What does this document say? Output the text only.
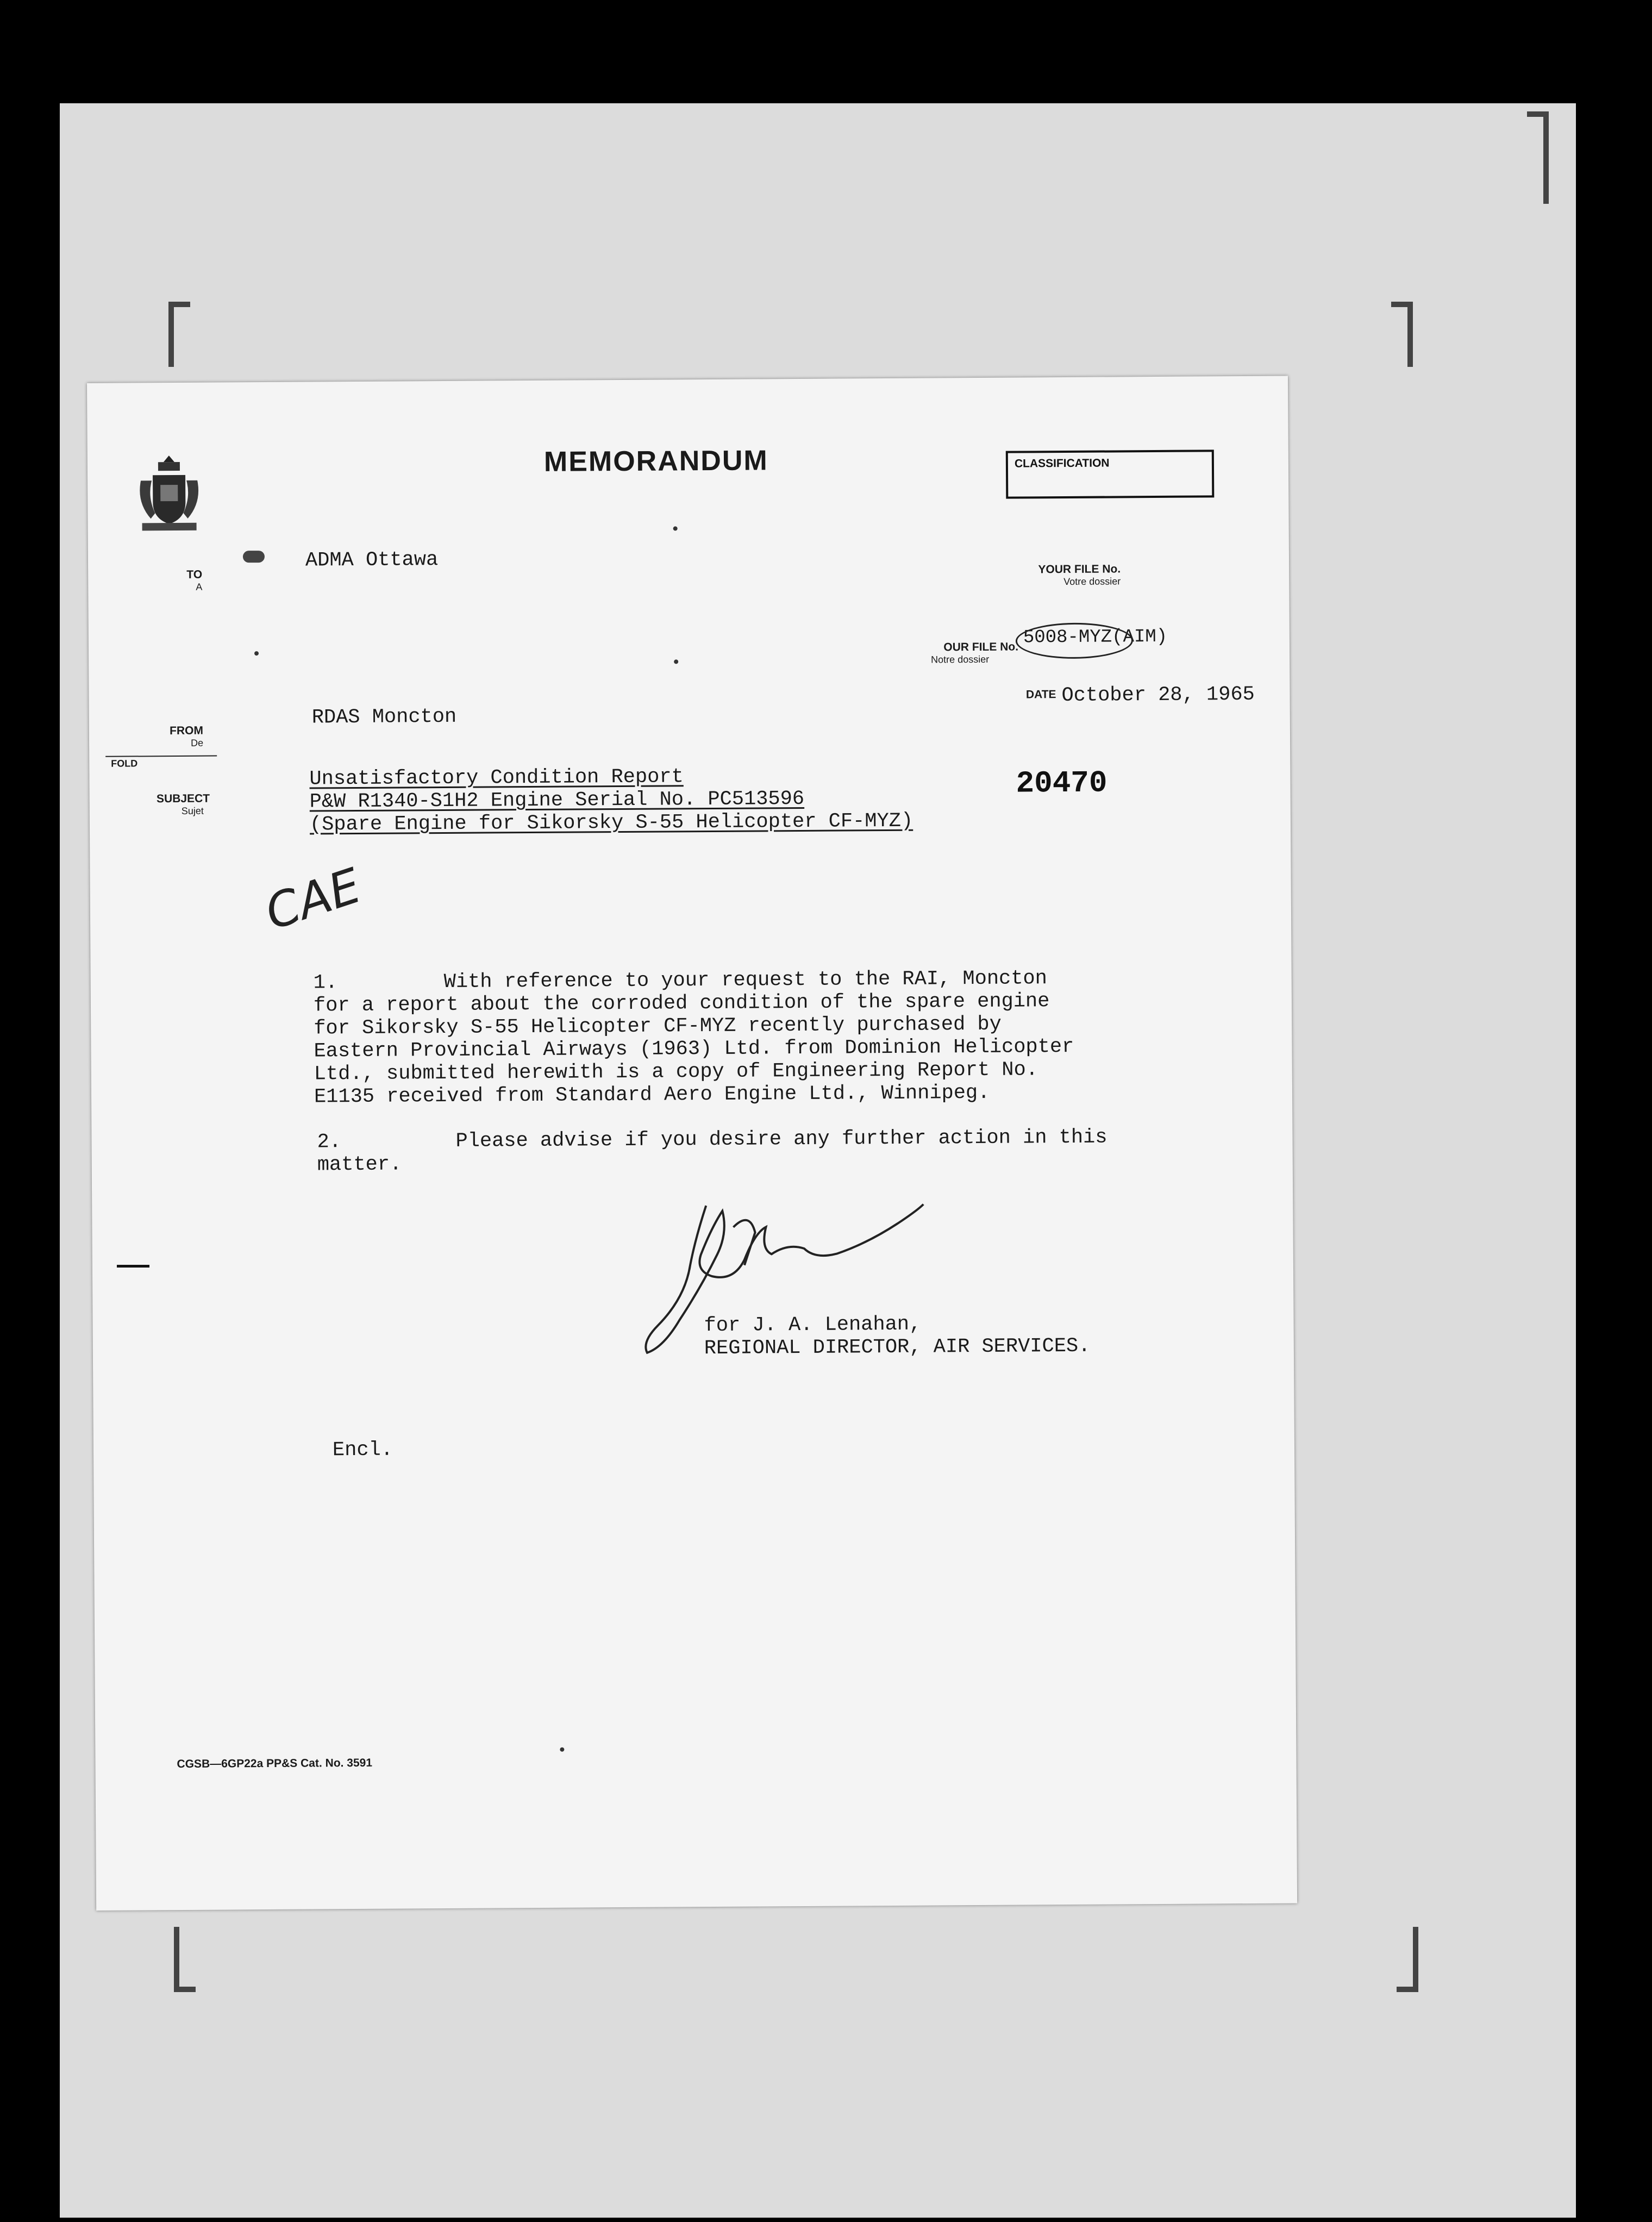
MEMORANDUM	CLASSIFICATION

TO
A

ADMA Ottawa	YOUR FILE No.
Votre dossier

OUR FILE No.
Notre dossier

5008-MYZ(AIM)
DATE October 28, 1965

FROM
De

RDAS Moncton
FOLD

SUBJECT
Sujet

Unsatisfactory Condition Report
P&W R1340-S1H2 Engine Serial No. PC513596
(Spare Engine for Sikorsky S-55 Helicopter CF-MYZ)
20470
CAE
1.	With reference to your request to the RAI, Moncton
for a report about the corroded condition of the spare engine
for Sikorsky S-55 Helicopter CF-MYZ recently purchased by
Eastern Provincial Airways (1963) Ltd. from Dominion Helicopter
Ltd., submitted herewith is a copy of Engineering Report No.
E1135 received from Standard Aero Engine Ltd., Winnipeg.
2.	Please advise if you desire any further action in this
matter.
for J. A. Lenahan,
REGIONAL DIRECTOR, AIR SERVICES.
Encl.
CGSB—6GP22a PP&S Cat. No. 3591
